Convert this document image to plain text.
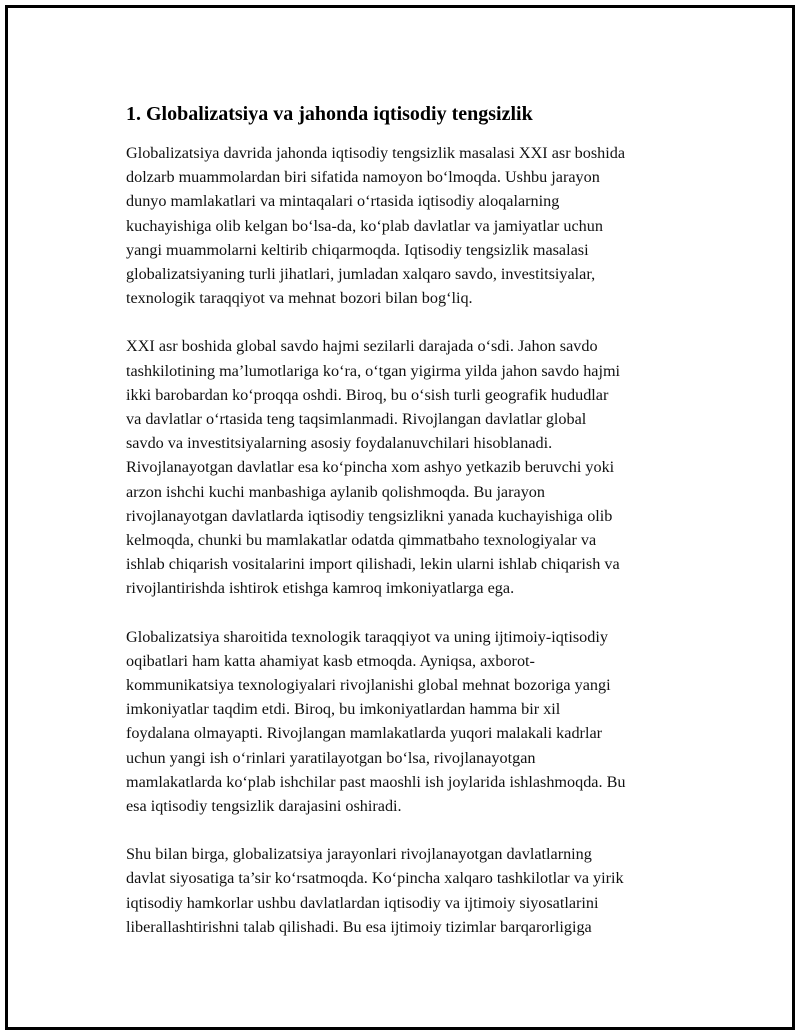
1. Globalizatsiya va jahonda iqtisodiy tengsizlik

Globalizatsiya davrida jahonda iqtisodiy tengsizlik masalasi XXI asr boshida
dolzarb muammolardan biri sifatida namoyon bo‘lmoqda. Ushbu jarayon
dunyo mamlakatlari va mintaqalari o‘rtasida iqtisodiy aloqalarning
kuchayishiga olib kelgan bo‘lsa-da, ko‘plab davlatlar va jamiyatlar uchun
yangi muammolarni keltirib chiqarmoqda. Iqtisodiy tengsizlik masalasi
globalizatsiyaning turli jihatlari, jumladan xalqaro savdo, investitsiyalar,
texnologik taraqqiyot va mehnat bozori bilan bog‘liq.

XXI asr boshida global savdo hajmi sezilarli darajada o‘sdi. Jahon savdo
tashkilotining ma’lumotlariga ko‘ra, o‘tgan yigirma yilda jahon savdo hajmi
ikki barobardan ko‘proqqa oshdi. Biroq, bu o‘sish turli geografik hududlar
va davlatlar o‘rtasida teng taqsimlanmadi. Rivojlangan davlatlar global
savdo va investitsiyalarning asosiy foydalanuvchilari hisoblanadi.
Rivojlanayotgan davlatlar esa ko‘pincha xom ashyo yetkazib beruvchi yoki
arzon ishchi kuchi manbashiga aylanib qolishmoqda. Bu jarayon
rivojlanayotgan davlatlarda iqtisodiy tengsizlikni yanada kuchayishiga olib
kelmoqda, chunki bu mamlakatlar odatda qimmatbaho texnologiyalar va
ishlab chiqarish vositalarini import qilishadi, lekin ularni ishlab chiqarish va
rivojlantirishda ishtirok etishga kamroq imkoniyatlarga ega.

Globalizatsiya sharoitida texnologik taraqqiyot va uning ijtimoiy-iqtisodiy
oqibatlari ham katta ahamiyat kasb etmoqda. Ayniqsa, axborot-
kommunikatsiya texnologiyalari rivojlanishi global mehnat bozoriga yangi
imkoniyatlar taqdim etdi. Biroq, bu imkoniyatlardan hamma bir xil
foydalana olmayapti. Rivojlangan mamlakatlarda yuqori malakali kadrlar
uchun yangi ish o‘rinlari yaratilayotgan bo‘lsa, rivojlanayotgan
mamlakatlarda ko‘plab ishchilar past maoshli ish joylarida ishlashmoqda. Bu
esa iqtisodiy tengsizlik darajasini oshiradi.

Shu bilan birga, globalizatsiya jarayonlari rivojlanayotgan davlatlarning
davlat siyosatiga ta’sir ko‘rsatmoqda. Ko‘pincha xalqaro tashkilotlar va yirik
iqtisodiy hamkorlar ushbu davlatlardan iqtisodiy va ijtimoiy siyosatlarini
liberallashtirishni talab qilishadi. Bu esa ijtimoiy tizimlar barqarorligiga
